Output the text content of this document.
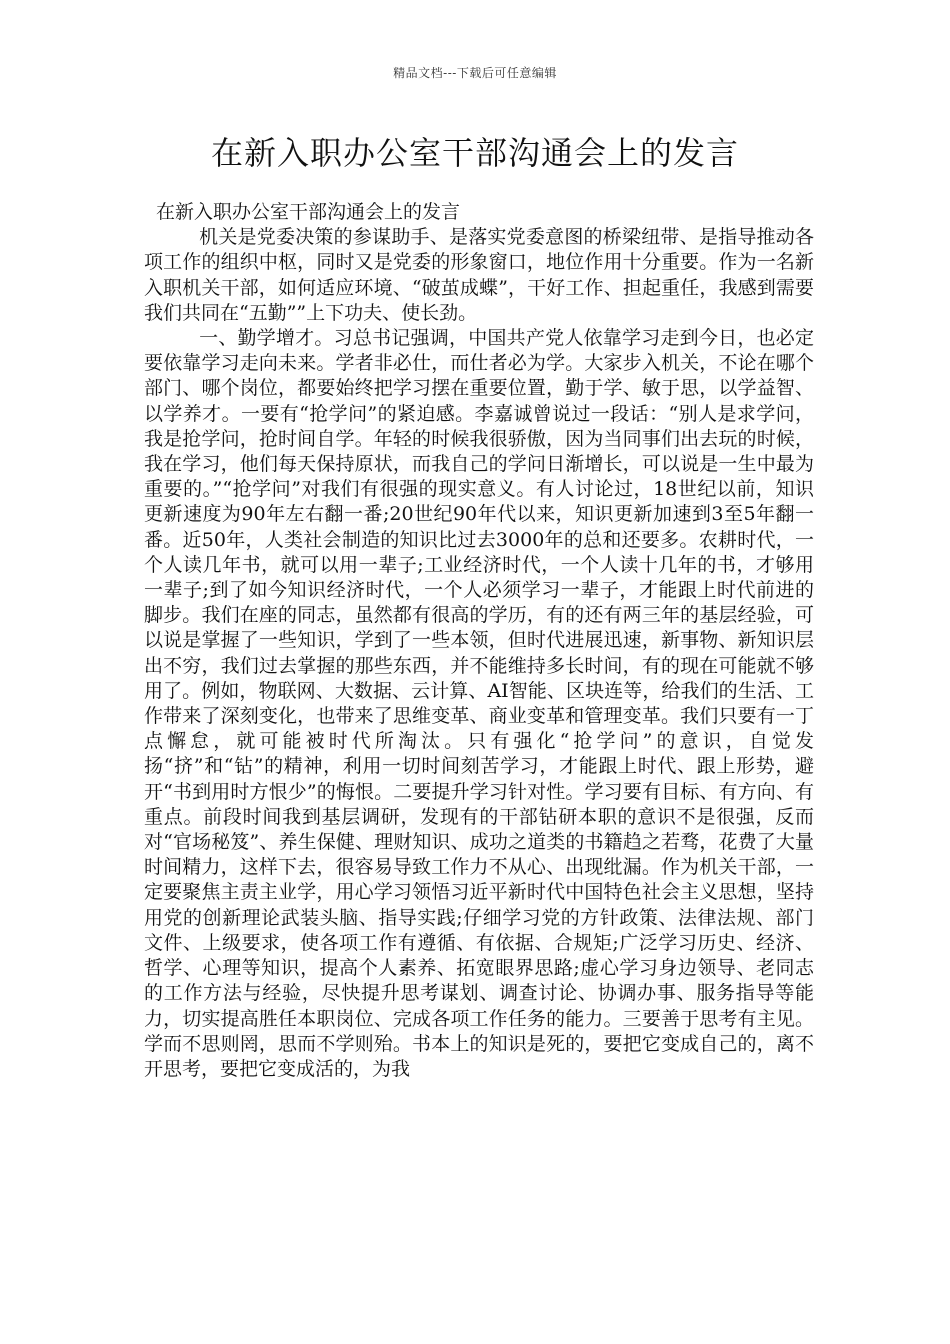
精品文档---下载后可任意编辑
在新入职办公室干部沟通会上的发言

在新入职办公室干部沟通会上的发言

机关是党委决策的参谋助手、是落实党委意图的桥梁纽带、是指导推动各项工作的组织中枢，同时又是党委的形象窗口，地位作用十分重要。作为一名新入职机关干部，如何适应环境、“破茧成蝶”，干好工作、担起重任，我感到需要我们共同在“五勤””上下功夫、使长劲。

一、勤学增才。习总书记强调，中国共产党人依靠学习走到今日，也必定要依靠学习走向未来。学者非必仕，而仕者必为学。大家步入机关，不论在哪个部门、哪个岗位，都要始终把学习摆在重要位置，勤于学、敏于思，以学益智、以学养才。一要有“抢学问”的紧迫感。李嘉诚曾说过一段话：“别人是求学问，我是抢学问，抢时间自学。年轻的时候我很骄傲，因为当同事们出去玩的时候，我在学习，他们每天保持原状，而我自己的学问日渐增长，可以说是一生中最为重要的。”“抢学问”对我们有很强的现实意义。有人讨论过，18世纪以前，知识更新速度为90年左右翻一番;20世纪90年代以来，知识更新加速到3至5年翻一番。近50年，人类社会制造的知识比过去3000年的总和还要多。农耕时代，一个人读几年书，就可以用一辈子;工业经济时代，一个人读十几年的书，才够用一辈子;到了如今知识经济时代，一个人必须学习一辈子，才能跟上时代前进的脚步。我们在座的同志，虽然都有很高的学历，有的还有两三年的基层经验，可以说是掌握了一些知识，学到了一些本领，但时代进展迅速，新事物、新知识层出不穷，我们过去掌握的那些东西，并不能维持多长时间，有的现在可能就不够用了。例如，物联网、大数据、云计算、AI智能、区块连等，给我们的生活、工作带来了深刻变化，也带来了思维变革、商业变革和管理变革。我们只要有一丁点懈怠，就可能被时代所淘汰。只有强化“抢学问”的意识，自觉发扬“挤”和“钻”的精神，利用一切时间刻苦学习，才能跟上时代、跟上形势，避开“书到用时方恨少”的悔恨。二要提升学习针对性。学习要有目标、有方向、有重点。前段时间我到基层调研，发现有的干部钻研本职的意识不是很强，反而对“官场秘笈”、养生保健、理财知识、成功之道类的书籍趋之若骛，花费了大量时间精力，这样下去，很容易导致工作力不从心、出现纰漏。作为机关干部，一定要聚焦主责主业学，用心学习领悟习近平新时代中国特色社会主义思想，坚持用党的创新理论武装头脑、指导实践;仔细学习党的方针政策、法律法规、部门文件、上级要求，使各项工作有遵循、有依据、合规矩;广泛学习历史、经济、哲学、心理等知识，提高个人素养、拓宽眼界思路;虚心学习身边领导、老同志的工作方法与经验，尽快提升思考谋划、调查讨论、协调办事、服务指导等能力，切实提高胜任本职岗位、完成各项工作任务的能力。三要善于思考有主见。学而不思则罔，思而不学则殆。书本上的知识是死的，要把它变成自己的，离不开思考，要把它变成活的，为我
